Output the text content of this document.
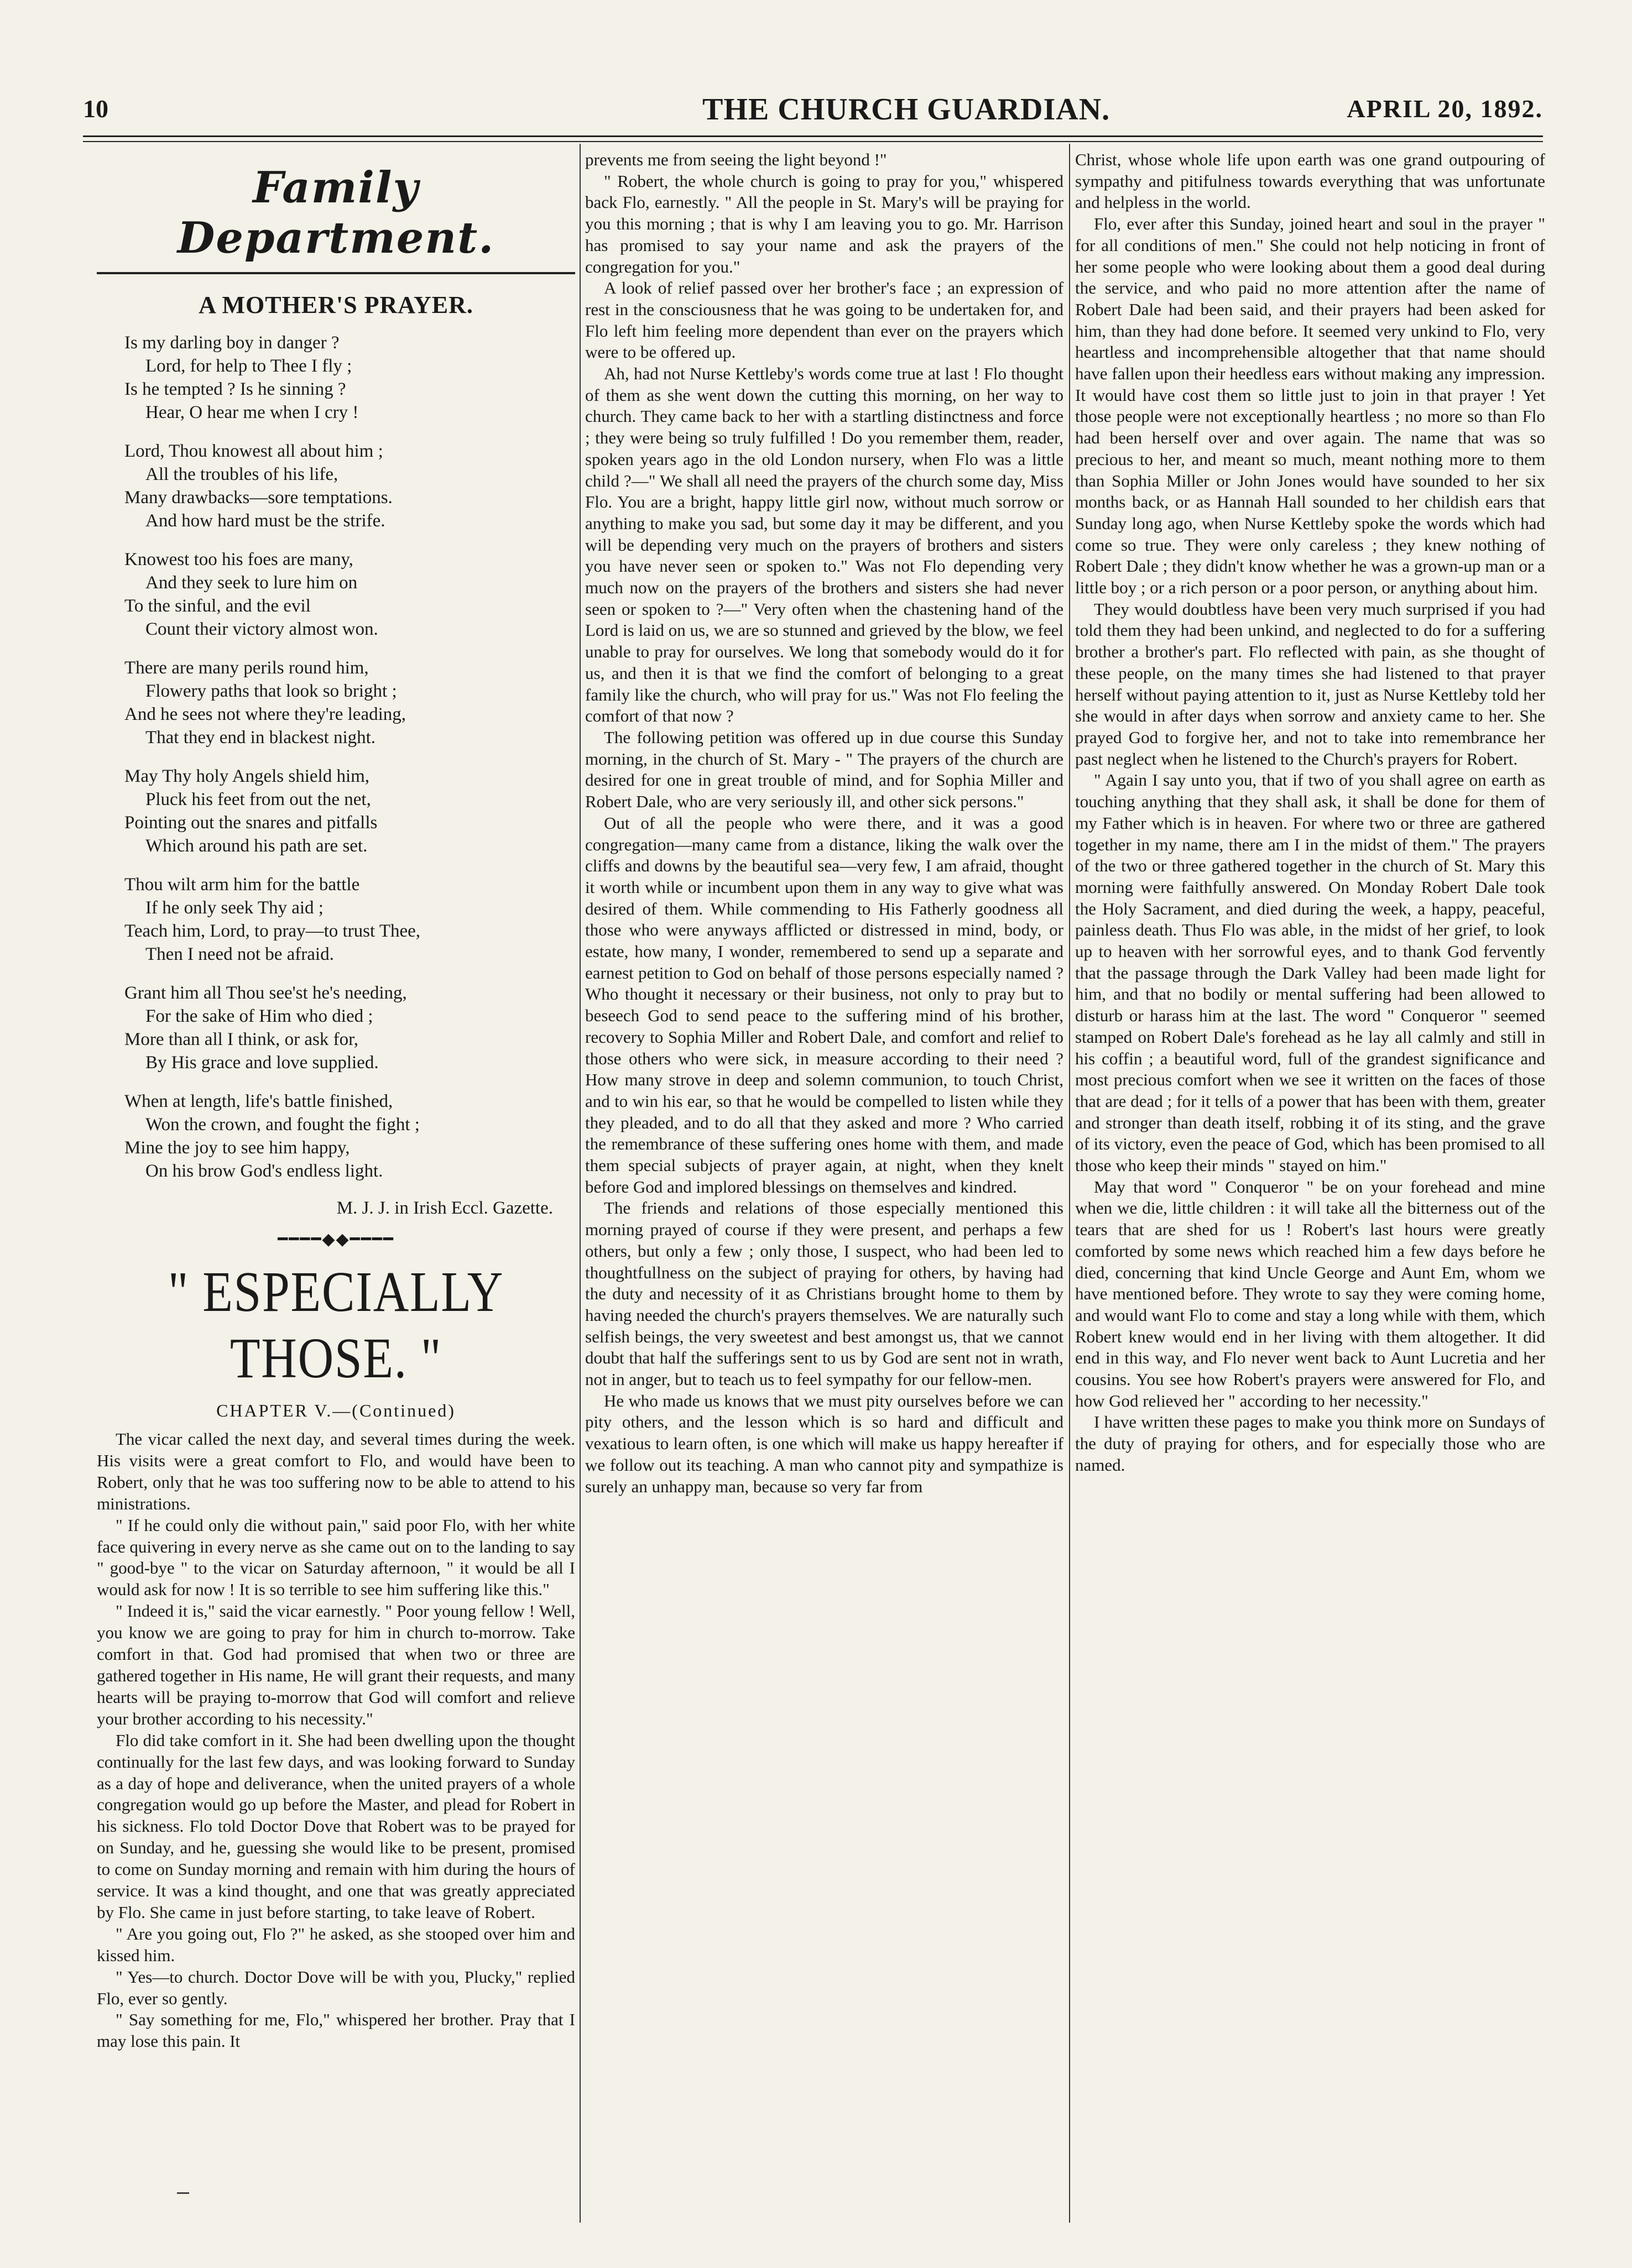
10	THE CHURCH GUARDIAN.	APRIL 20, 1892.
Family Department.
A MOTHER'S PRAYER.
Is my darling boy in danger ?
Lord, for help to Thee I fly ;
Is he tempted ? Is he sinning ?
Hear, O hear me when I cry !
Lord, Thou knowest all about him ;
All the troubles of his life,
Many drawbacks—sore temptations.
And how hard must be the strife.
Knowest too his foes are many,
And they seek to lure him on
To the sinful, and the evil
Count their victory almost won.
There are many perils round him,
Flowery paths that look so bright ;
And he sees not where they're leading,
That they end in blackest night.
May Thy holy Angels shield him,
Pluck his feet from out the net,
Pointing out the snares and pitfalls
Which around his path are set.
Thou wilt arm him for the battle
If he only seek Thy aid ;
Teach him, Lord, to pray—to trust Thee,
Then I need not be afraid.
Grant him all Thou see'st he's needing,
For the sake of Him who died ;
More than all I think, or ask for,
By His grace and love supplied.
When at length, life's battle finished,
Won the crown, and fought the fight ;
Mine the joy to see him happy,
On his brow God's endless light.
M. J. J. in Irish Eccl. Gazette.
━━━━◆◆━━━━
" ESPECIALLY THOSE. "
CHAPTER V.—(Continued)

The vicar called the next day, and several times during the week. His visits were a great comfort to Flo, and would have been to Robert, only that he was too suffering now to be able to attend to his ministrations.

" If he could only die without pain," said poor Flo, with her white face quivering in every nerve as she came out on to the landing to say " good-bye " to the vicar on Saturday afternoon, " it would be all I would ask for now ! It is so terrible to see him suffering like this."

" Indeed it is," said the vicar earnestly. " Poor young fellow ! Well, you know we are going to pray for him in church to-morrow. Take comfort in that. God had promised that when two or three are gathered together in His name, He will grant their requests, and many hearts will be praying to-morrow that God will comfort and relieve your brother according to his necessity."

Flo did take comfort in it. She had been dwelling upon the thought continually for the last few days, and was looking forward to Sunday as a day of hope and deliverance, when the united prayers of a whole congregation would go up before the Master, and plead for Robert in his sickness. Flo told Doctor Dove that Robert was to be prayed for on Sunday, and he, guessing she would like to be present, promised to come on Sunday morning and remain with him during the hours of service. It was a kind thought, and one that was greatly appreciated by Flo. She came in just before starting, to take leave of Robert.

" Are you going out, Flo ?" he asked, as she stooped over him and kissed him.

" Yes—to church. Doctor Dove will be with you, Plucky," replied Flo, ever so gently.

" Say something for me, Flo," whispered her brother. Pray that I may lose this pain. It

prevents me from seeing the light beyond !"

" Robert, the whole church is going to pray for you," whispered back Flo, earnestly. " All the people in St. Mary's will be praying for you this morning ; that is why I am leaving you to go. Mr. Harrison has promised to say your name and ask the prayers of the congregation for you."

A look of relief passed over her brother's face ; an expression of rest in the consciousness that he was going to be undertaken for, and Flo left him feeling more dependent than ever on the prayers which were to be offered up.

Ah, had not Nurse Kettleby's words come true at last ! Flo thought of them as she went down the cutting this morning, on her way to church. They came back to her with a startling distinctness and force ; they were being so truly fulfilled ! Do you remember them, reader, spoken years ago in the old London nursery, when Flo was a little child ?—" We shall all need the prayers of the church some day, Miss Flo. You are a bright, happy little girl now, without much sorrow or anything to make you sad, but some day it may be different, and you will be depending very much on the prayers of brothers and sisters you have never seen or spoken to." Was not Flo depending very much now on the prayers of the brothers and sisters she had never seen or spoken to ?—" Very often when the chastening hand of the Lord is laid on us, we are so stunned and grieved by the blow, we feel unable to pray for ourselves. We long that somebody would do it for us, and then it is that we find the comfort of belonging to a great family like the church, who will pray for us." Was not Flo feeling the comfort of that now ?

The following petition was offered up in due course this Sunday morning, in the church of St. Mary - " The prayers of the church are desired for one in great trouble of mind, and for Sophia Miller and Robert Dale, who are very seriously ill, and other sick persons."

Out of all the people who were there, and it was a good congregation—many came from a distance, liking the walk over the cliffs and downs by the beautiful sea—very few, I am afraid, thought it worth while or incumbent upon them in any way to give what was desired of them. While commending to His Fatherly goodness all those who were anyways afflicted or distressed in mind, body, or estate, how many, I wonder, remembered to send up a separate and earnest petition to God on behalf of those persons especially named ? Who thought it necessary or their business, not only to pray but to beseech God to send peace to the suffering mind of his brother, recovery to Sophia Miller and Robert Dale, and comfort and relief to those others who were sick, in measure according to their need ? How many strove in deep and solemn communion, to touch Christ, and to win his ear, so that he would be compelled to listen while they they pleaded, and to do all that they asked and more ? Who carried the remembrance of these suffering ones home with them, and made them special subjects of prayer again, at night, when they knelt before God and implored blessings on themselves and kindred.

The friends and relations of those especially mentioned this morning prayed of course if they were present, and perhaps a few others, but only a few ; only those, I suspect, who had been led to thoughtfullness on the subject of praying for others, by having had the duty and necessity of it as Christians brought home to them by having needed the church's prayers themselves. We are naturally such selfish beings, the very sweetest and best amongst us, that we cannot doubt that half the sufferings sent to us by God are sent not in wrath, not in anger, but to teach us to feel sympathy for our fellow-men.

He who made us knows that we must pity ourselves before we can pity others, and the lesson which is so hard and difficult and vexatious to learn often, is one which will make us happy hereafter if we follow out its teaching. A man who cannot pity and sympathize is surely an unhappy man, because so very far from

Christ, whose whole life upon earth was one grand outpouring of sympathy and pitifulness towards everything that was unfortunate and helpless in the world.

Flo, ever after this Sunday, joined heart and soul in the prayer " for all conditions of men." She could not help noticing in front of her some people who were looking about them a good deal during the service, and who paid no more attention after the name of Robert Dale had been said, and their prayers had been asked for him, than they had done before. It seemed very unkind to Flo, very heartless and incomprehensible altogether that that name should have fallen upon their heedless ears without making any impression. It would have cost them so little just to join in that prayer ! Yet those people were not exceptionally heartless ; no more so than Flo had been herself over and over again. The name that was so precious to her, and meant so much, meant nothing more to them than Sophia Miller or John Jones would have sounded to her six months back, or as Hannah Hall sounded to her childish ears that Sunday long ago, when Nurse Kettleby spoke the words which had come so true. They were only careless ; they knew nothing of Robert Dale ; they didn't know whether he was a grown-up man or a little boy ; or a rich person or a poor person, or anything about him.

They would doubtless have been very much surprised if you had told them they had been unkind, and neglected to do for a suffering brother a brother's part. Flo reflected with pain, as she thought of these people, on the many times she had listened to that prayer herself without paying attention to it, just as Nurse Kettleby told her she would in after days when sorrow and anxiety came to her. She prayed God to forgive her, and not to take into remembrance her past neglect when he listened to the Church's prayers for Robert.

" Again I say unto you, that if two of you shall agree on earth as touching anything that they shall ask, it shall be done for them of my Father which is in heaven. For where two or three are gathered together in my name, there am I in the midst of them." The prayers of the two or three gathered together in the church of St. Mary this morning were faithfully answered. On Monday Robert Dale took the Holy Sacrament, and died during the week, a happy, peaceful, painless death. Thus Flo was able, in the midst of her grief, to look up to heaven with her sorrowful eyes, and to thank God fervently that the passage through the Dark Valley had been made light for him, and that no bodily or mental suffering had been allowed to disturb or harass him at the last. The word " Conqueror " seemed stamped on Robert Dale's forehead as he lay all calmly and still in his coffin ; a beautiful word, full of the grandest significance and most precious comfort when we see it written on the faces of those that are dead ; for it tells of a power that has been with them, greater and stronger than death itself, robbing it of its sting, and the grave of its victory, even the peace of God, which has been promised to all those who keep their minds " stayed on him."

May that word " Conqueror " be on your forehead and mine when we die, little children : it will take all the bitterness out of the tears that are shed for us ! Robert's last hours were greatly comforted by some news which reached him a few days before he died, concerning that kind Uncle George and Aunt Em, whom we have mentioned before. They wrote to say they were coming home, and would want Flo to come and stay a long while with them, which Robert knew would end in her living with them altogether. It did end in this way, and Flo never went back to Aunt Lucretia and her cousins. You see how Robert's prayers were answered for Flo, and how God relieved her " according to her necessity."

I have written these pages to make you think more on Sundays of the duty of praying for others, and for especially those who are named.
